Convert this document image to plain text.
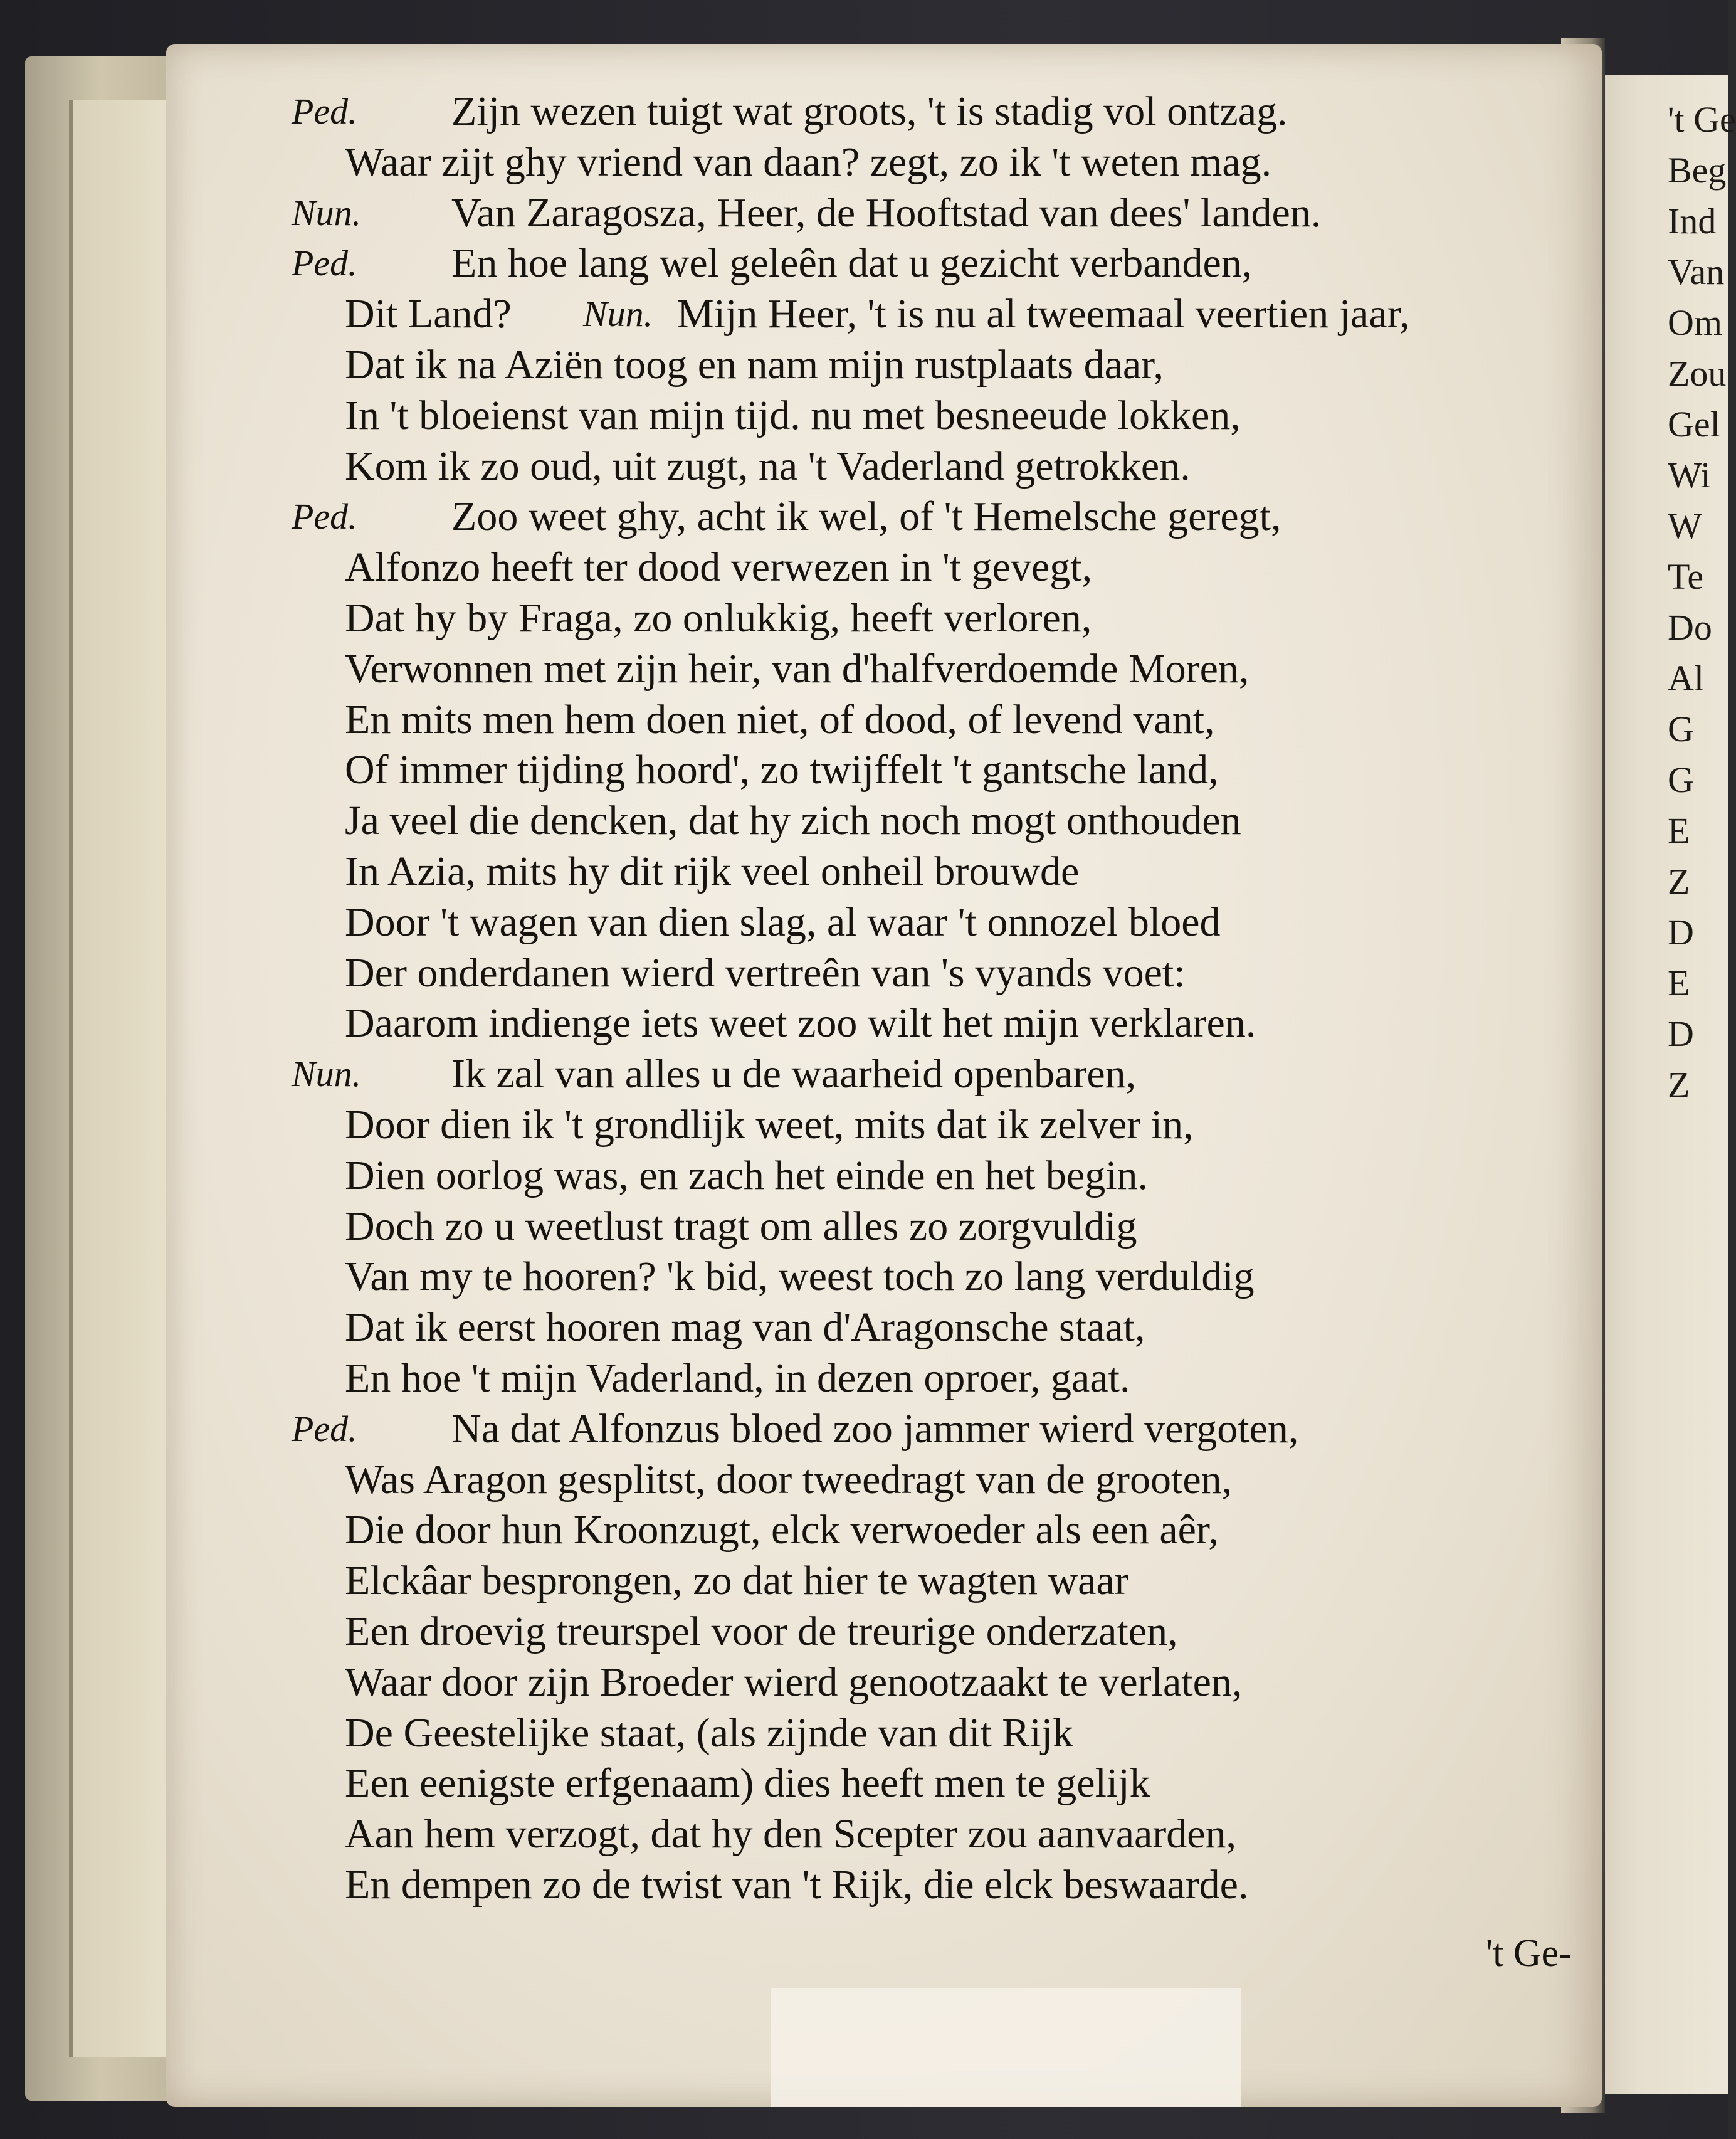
't Ge
Beg
Ind
Van
Om
Zou
Gel
Wi
W
Te
Do
Al
G
G
E
Z
D
E
D
Z
Ped. Zijn wezen tuigt wat groots, 't is stadig vol ontzag.
Waar zijt ghy vriend van daan? zegt, zo ik 't weten mag.
Nun. Van Zaragosza, Heer, de Hooftstad van dees' landen.
Ped. En hoe lang wel geleên dat u gezicht verbanden,
Dit Land? Nun. Mijn Heer, 't is nu al tweemaal veertien jaar,
Dat ik na Aziën toog en nam mijn rustplaats daar,
In 't bloeienst van mijn tijd. nu met besneeude lokken,
Kom ik zo oud, uit zugt, na 't Vaderland getrokken.
Ped. Zoo weet ghy, acht ik wel, of 't Hemelsche geregt,
Alfonzo heeft ter dood verwezen in 't gevegt,
Dat hy by Fraga, zo onlukkig, heeft verloren,
Verwonnen met zijn heir, van d'halfverdoemde Moren,
En mits men hem doen niet, of dood, of levend vant,
Of immer tijding hoord', zo twijffelt 't gantsche land,
Ja veel die dencken, dat hy zich noch mogt onthouden
In Azia, mits hy dit rijk veel onheil brouwde
Door 't wagen van dien slag, al waar 't onnozel bloed
Der onderdanen wierd vertreên van 's vyands voet:
Daarom indienge iets weet zoo wilt het mijn verklaren.
Nun. Ik zal van alles u de waarheid openbaren,
Door dien ik 't grondlijk weet, mits dat ik zelver in,
Dien oorlog was, en zach het einde en het begin.
Doch zo u weetlust tragt om alles zo zorgvuldig
Van my te hooren? 'k bid, weest toch zo lang verduldig
Dat ik eerst hooren mag van d'Aragonsche staat,
En hoe 't mijn Vaderland, in dezen oproer, gaat.
Ped. Na dat Alfonzus bloed zoo jammer wierd vergoten,
Was Aragon gesplitst, door tweedragt van de grooten,
Die door hun Kroonzugt, elck verwoeder als een aêr,
Elckâar besprongen, zo dat hier te wagten waar
Een droevig treurspel voor de treurige onderzaten,
Waar door zijn Broeder wierd genootzaakt te verlaten,
De Geestelijke staat, (als zijnde van dit Rijk
Een eenigste erfgenaam) dies heeft men te gelijk
Aan hem verzogt, dat hy den Scepter zou aanvaarden,
En dempen zo de twist van 't Rijk, die elck beswaarde.
't Ge-
